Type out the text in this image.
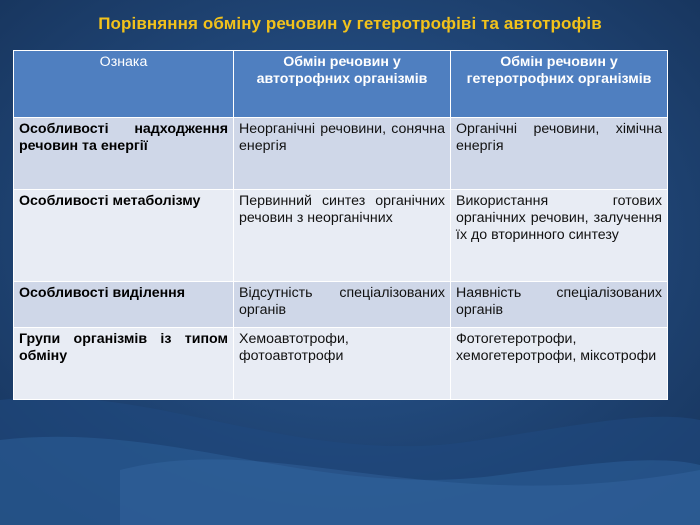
Порівняння обміну речовин у гетеротрофіві та автотрофів
Ознака	Обмін речовин у автотрофних організмів	Обмін речовин у гетеротрофних організмів
Особливості надходження речовин та енергії	Неорганічні речовини, сонячна енергія	Органічні речовини, хімічна енергія
Особливості метаболізму	Первинний синтез органічних речовин з неорганічних	Використання готових органічних речовин, залучення їх до вторинного синтезу
Особливості виділення	Відсутність спеціалізованих органів	Наявність спеціалізованих органів
Групи організмів із типом обміну	Хемоавтотрофи, фотоавтотрофи	Фотогетеротрофи, хемогетеротрофи, міксотрофи
